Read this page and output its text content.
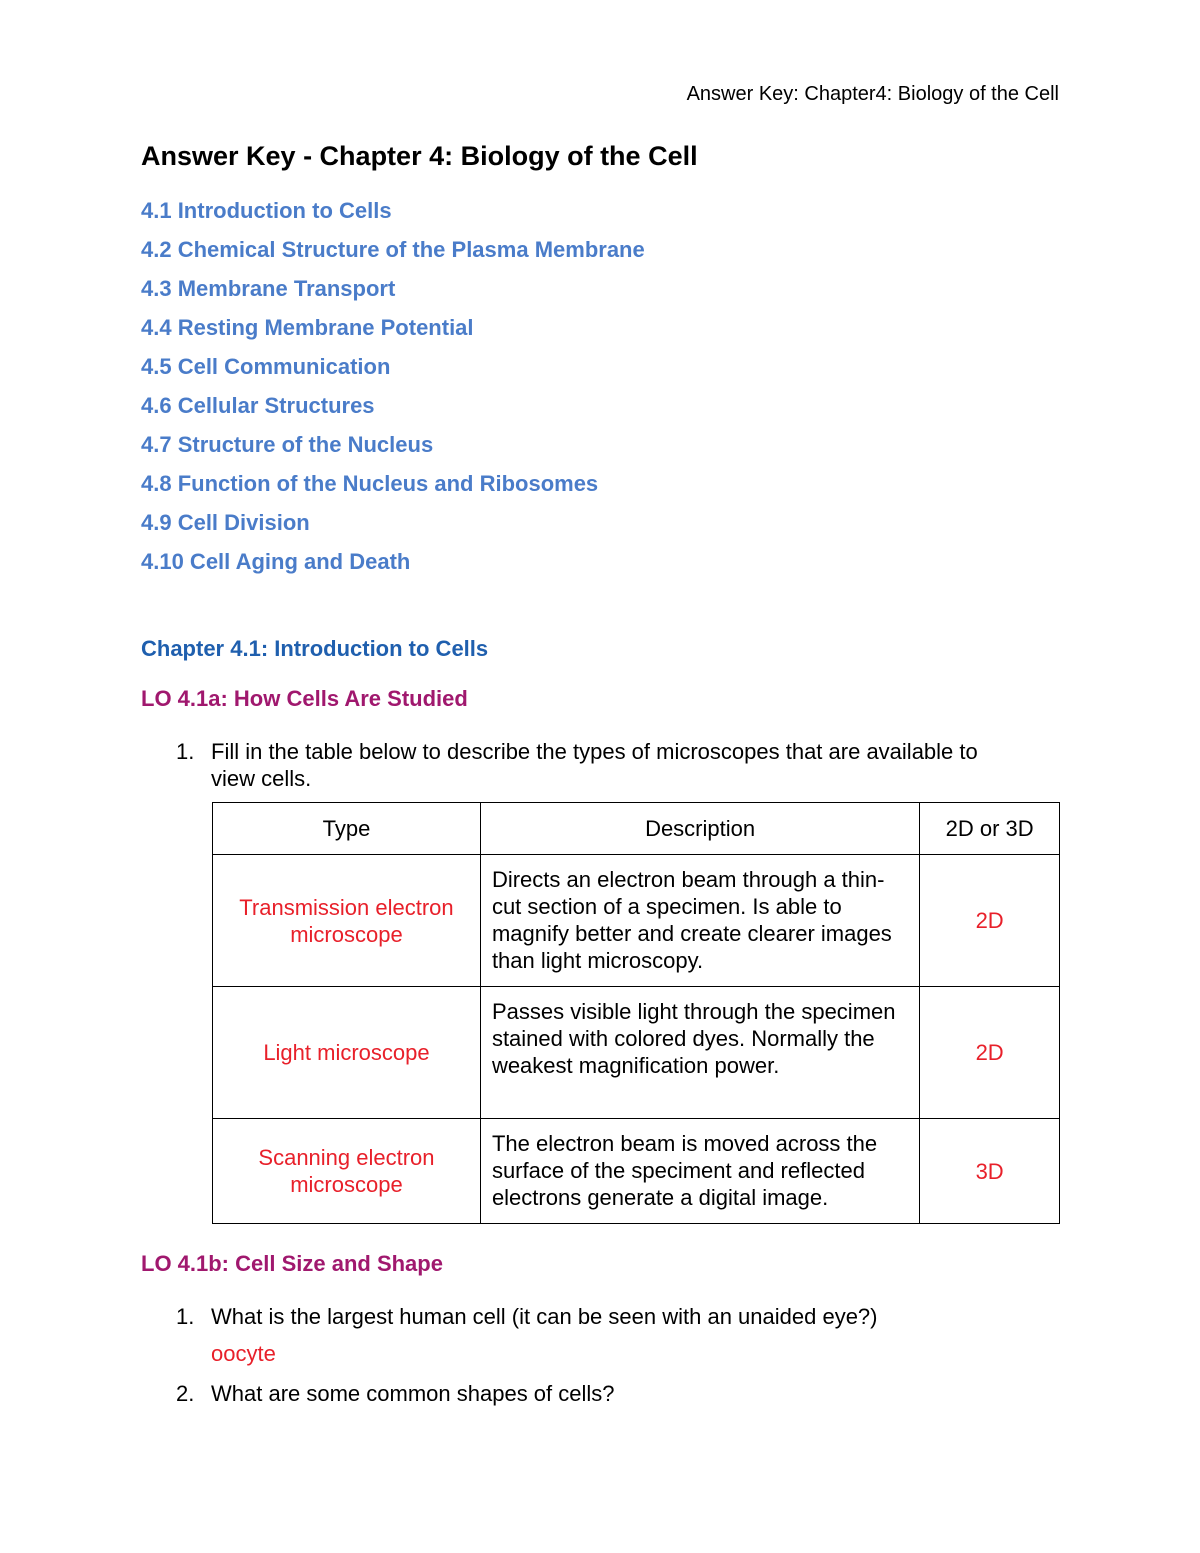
Answer Key: Chapter4: Biology of the Cell
Answer Key - Chapter 4: Biology of the Cell
4.1 Introduction to Cells
4.2 Chemical Structure of the Plasma Membrane
4.3 Membrane Transport
4.4 Resting Membrane Potential
4.5 Cell Communication
4.6 Cellular Structures
4.7 Structure of the Nucleus
4.8 Function of the Nucleus and Ribosomes
4.9 Cell Division
4.10 Cell Aging and Death
Chapter 4.1: Introduction to Cells
LO 4.1a: How Cells Are Studied
1. Fill in the table below to describe the types of microscopes that are available to
view cells.
Type	Description	2D or 3D

Transmission electron microscope	Directs an electron beam through a thin-cut section of a specimen. Is able to magnify better and create clearer images than light microscopy.	2D
Light microscope	Passes visible light through the specimen stained with colored dyes. Normally the weakest magnification power.	2D

Scanning electron microscope	The electron beam is moved across the surface of the speciment and reflected electrons generate a digital image.	3D
LO 4.1b: Cell Size and Shape
1. What is the largest human cell (it can be seen with an unaided eye?)
oocyte
2. What are some common shapes of cells?
